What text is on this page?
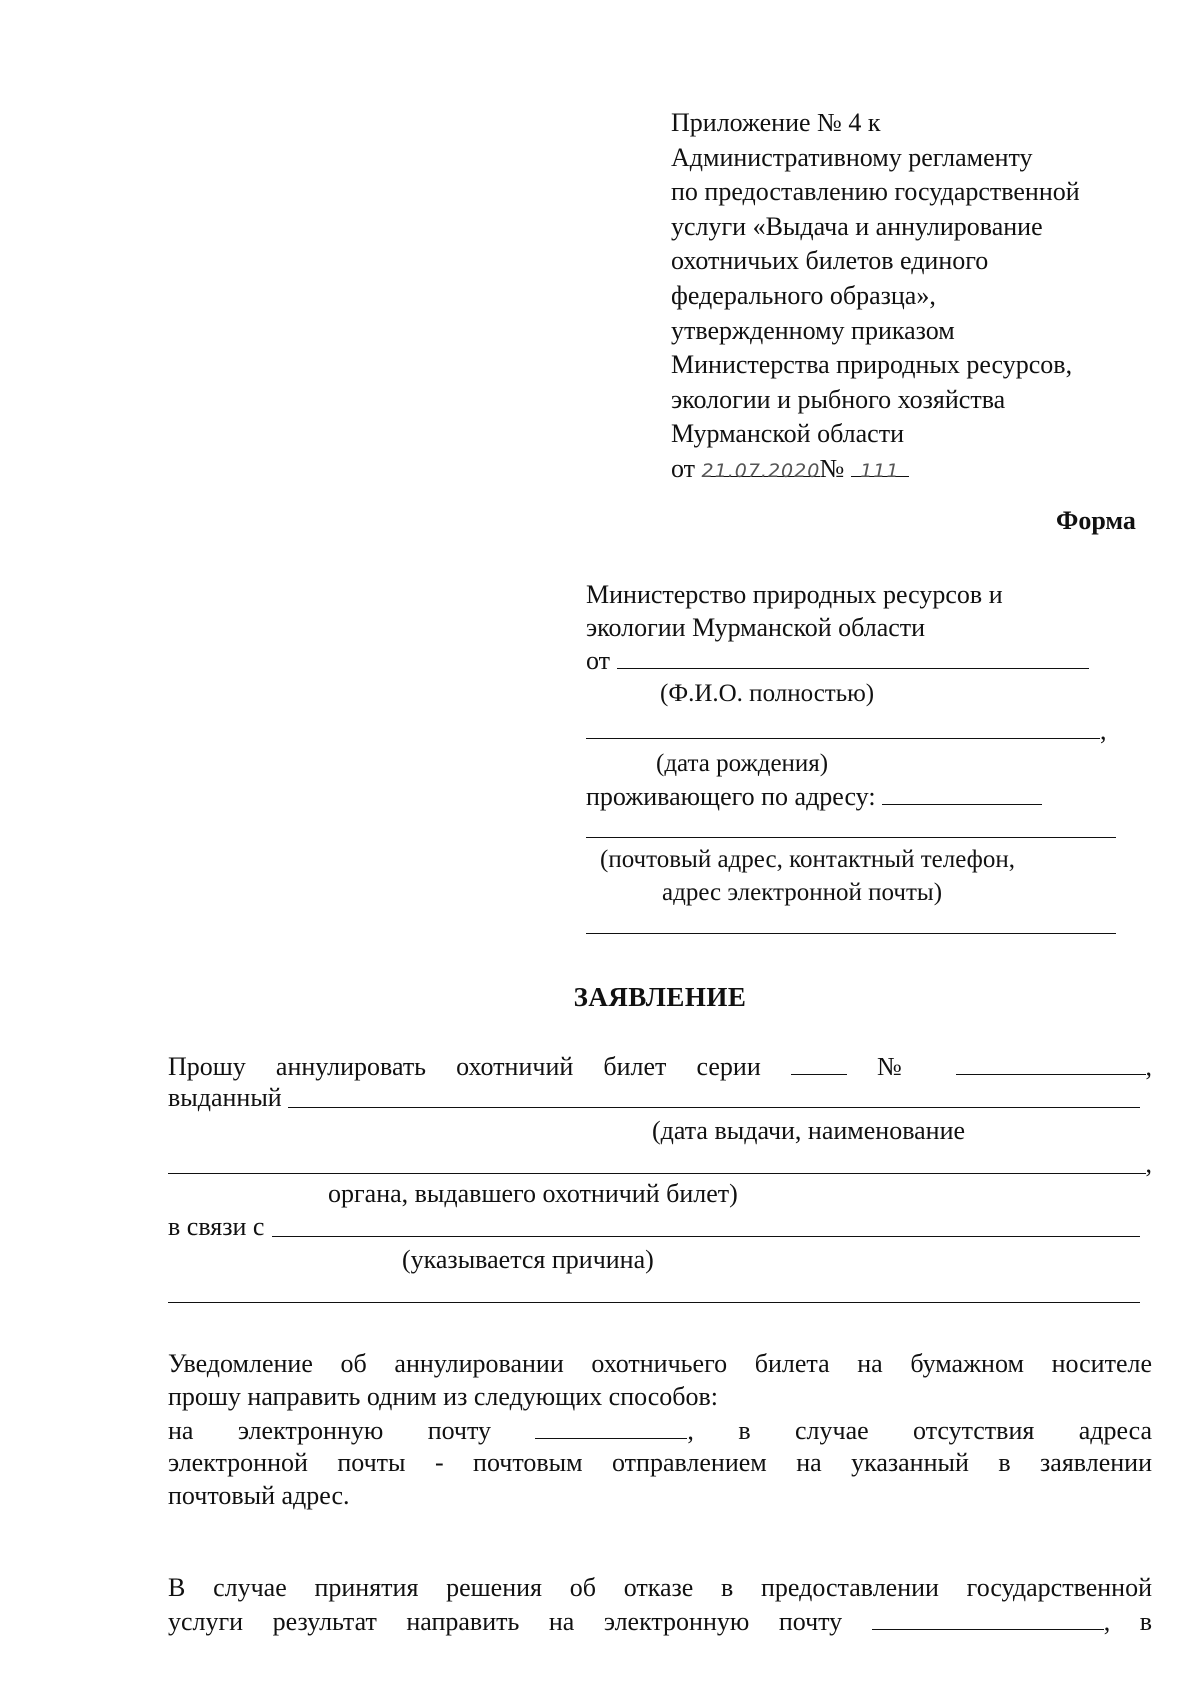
Приложение № 4 к
Административному регламенту
по предоставлению государственной
услуги «Выдача и аннулирование
охотничьих билетов единого
федерального образца»,
утвержденному приказом
Министерства природных ресурсов,
экологии и рыбного хозяйства
Мурманской области
от 21.07.2020№ 111
Форма
Министерство природных ресурсов и
экологии Мурманской области
от
(Ф.И.О. полностью)
,
(дата рождения)
проживающего по адресу:
(почтовый адрес, контактный телефон,
адрес электронной почты)
ЗАЯВЛЕНИЕ
Прошу аннулировать охотничий билет серии	№	,
выданный
(дата выдачи, наименование
,
органа, выдавшего охотничий билет)
в связи с
(указывается причина)
Уведомление об аннулировании охотничьего билета на бумажном носителе
прошу направить одним из следующих способов:
на электронную почту	, в случае отсутствия адреса
электронной почты - почтовым отправлением на указанный в заявлении
почтовый адрес.
В случае принятия решения об отказе в предоставлении государственной
услуги результат направить на электронную почту	, в
